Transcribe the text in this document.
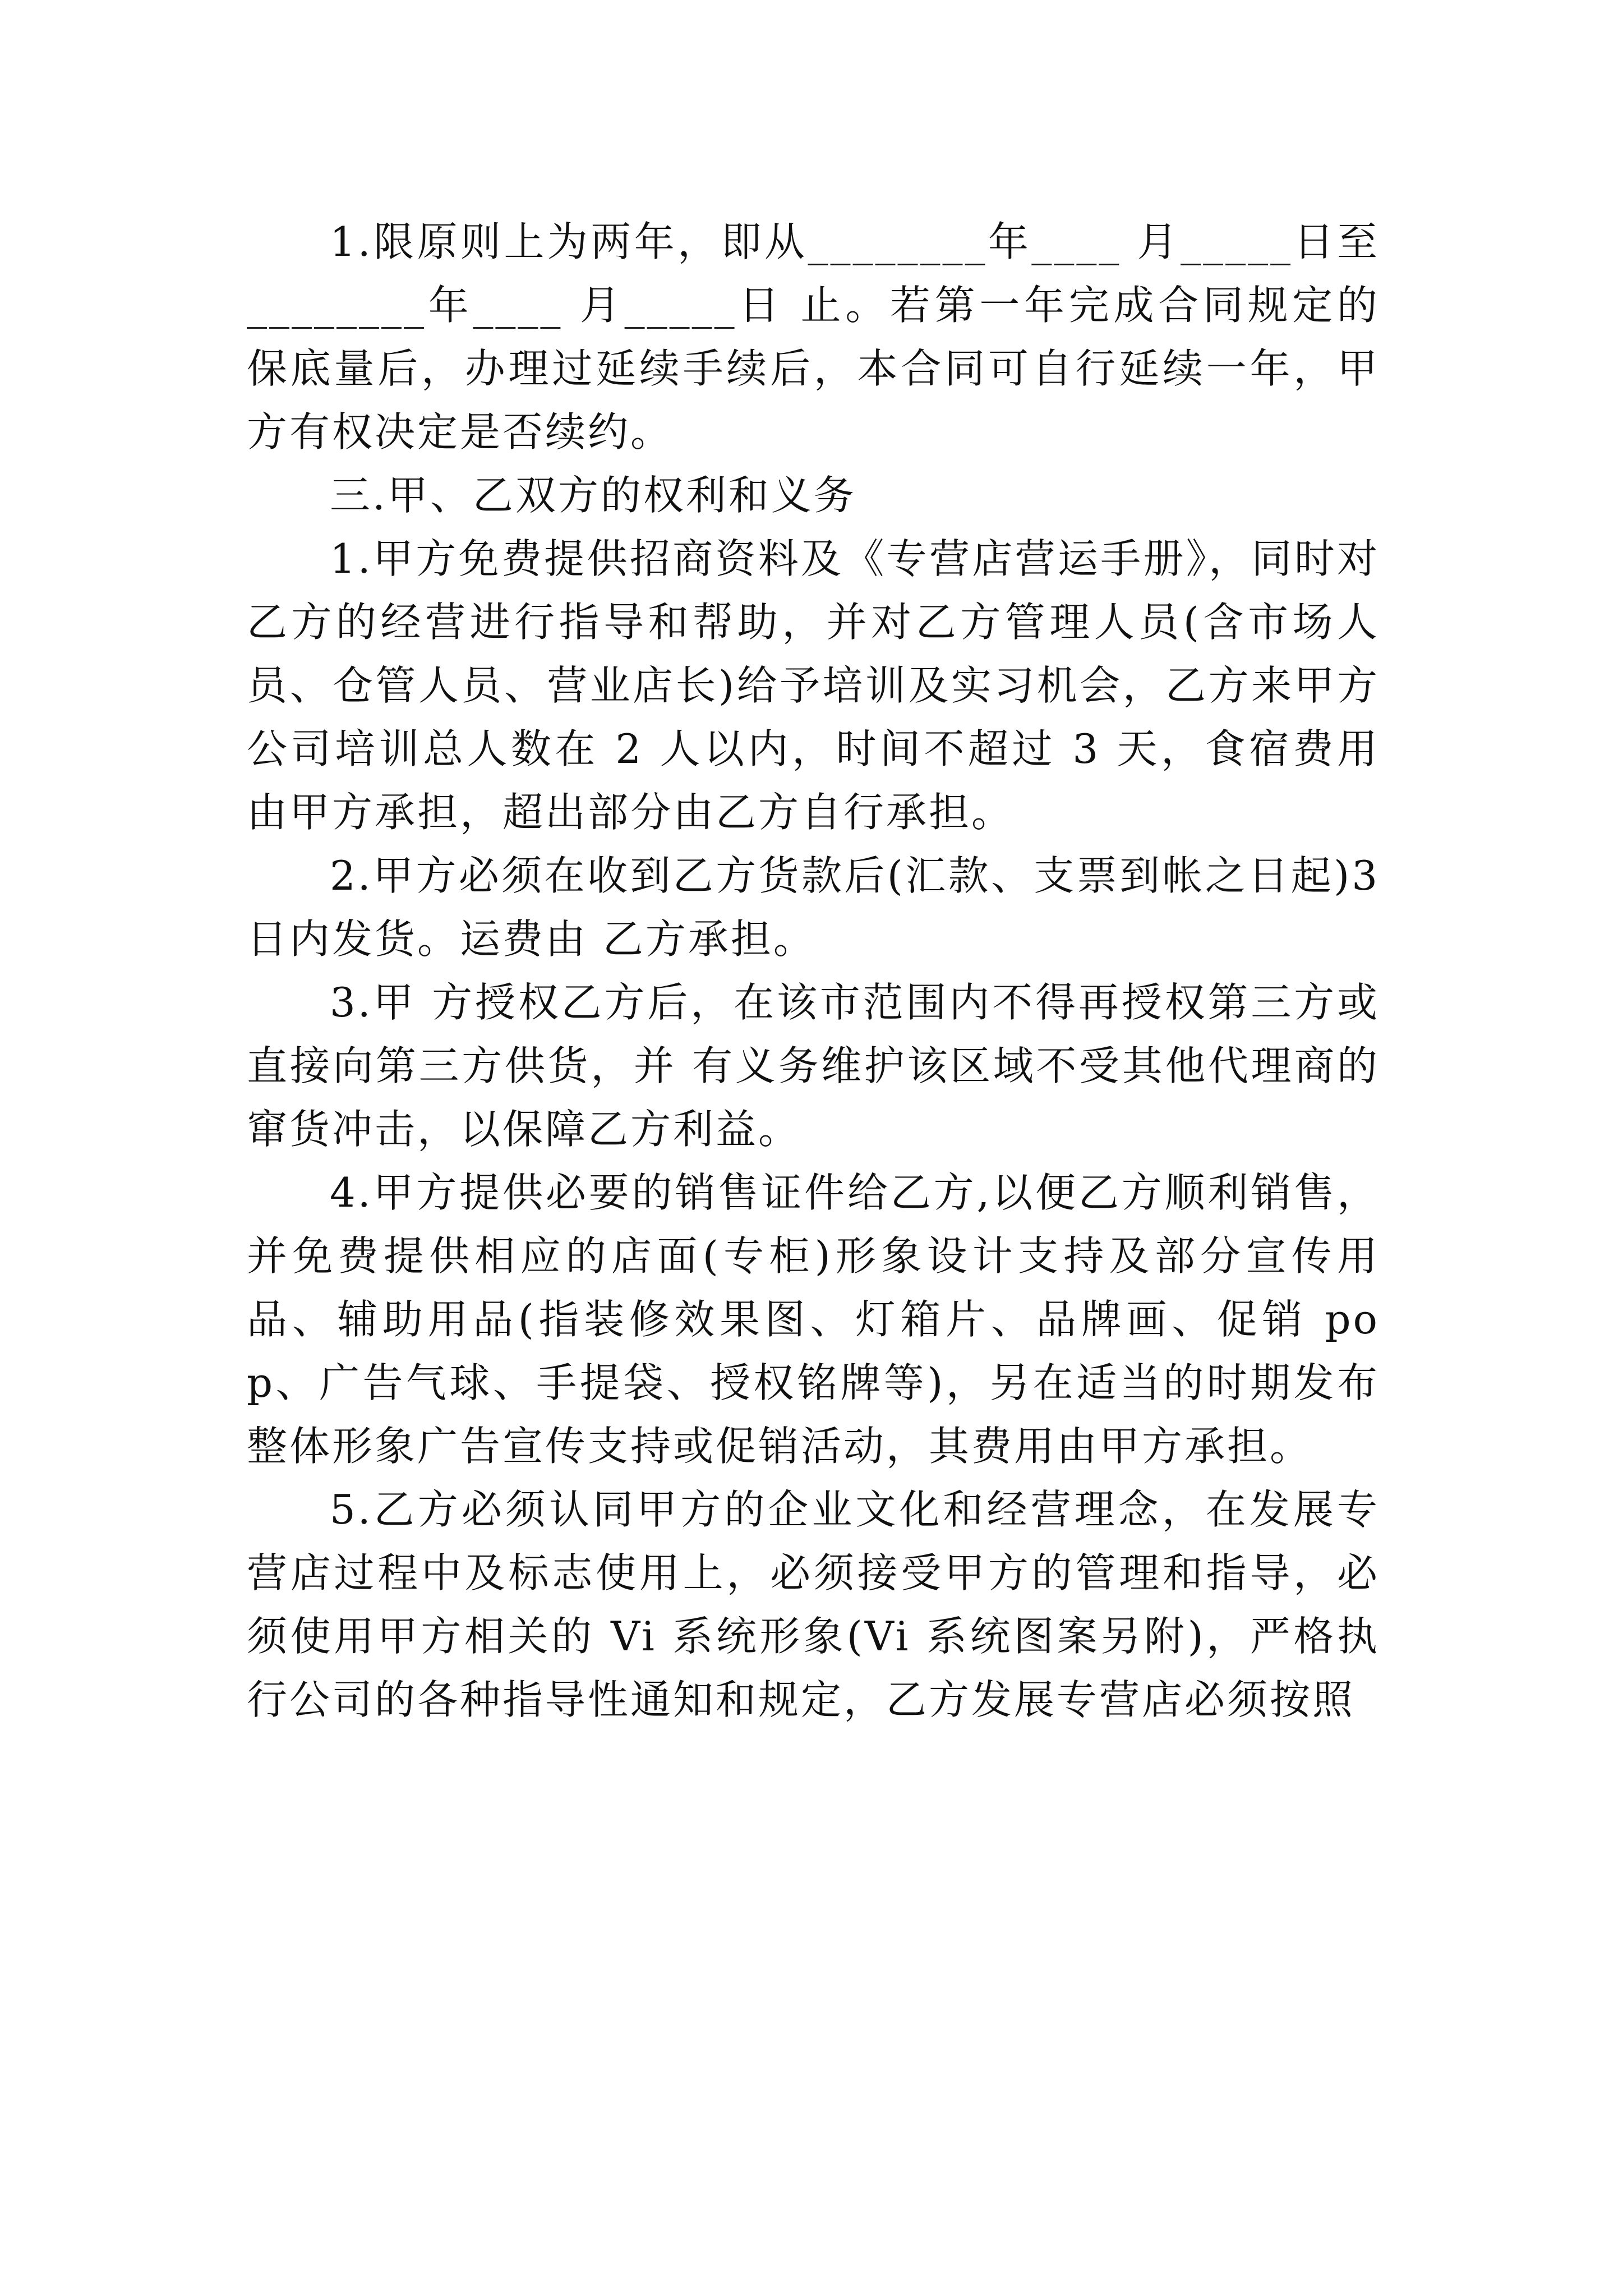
1.限原则上为两年，即从________年____ 月_____日至________年____ 月_____日 止。若第一年完成合同规定的保底量后，办理过延续手续后，本合同可自行延续一年，甲方有权决定是否续约。

三.甲、乙双方的权利和义务

1.甲方免费提供招商资料及《专营店营运手册》，同时对乙方的经营进行指导和帮助，并对乙方管理人员(含市场人员、仓管人员、营业店长)给予培训及实习机会，乙方来甲方公司培训总人数在 2 人以内，时间不超过 3 天，食宿费用由甲方承担，超出部分由乙方自行承担。

2.甲方必须在收到乙方货款后(汇款、支票到帐之日起)3 日内发货。运费由 乙方承担。

3.甲 方授权乙方后，在该市范围内不得再授权第三方或直接向第三方供货，并 有义务维护该区域不受其他代理商的窜货冲击，以保障乙方利益。

4.甲方提供必要的销售证件给乙方,以便乙方顺利销售，并免费提供相应的店面(专柜)形象设计支持及部分宣传用品、辅助用品(指装修效果图、灯箱片、品牌画、促销 pop、广告气球、手提袋、授权铭牌等)，另在适当的时期发布整体形象广告宣传支持或促销活动，其费用由甲方承担。

5.乙方必须认同甲方的企业文化和经营理念，在发展专营店过程中及标志使用上，必须接受甲方的管理和指导，必须使用甲方相关的 Vi 系统形象(Vi 系统图案另附)，严格执行公司的各种指导性通知和规定，乙方发展专营店必须按照
